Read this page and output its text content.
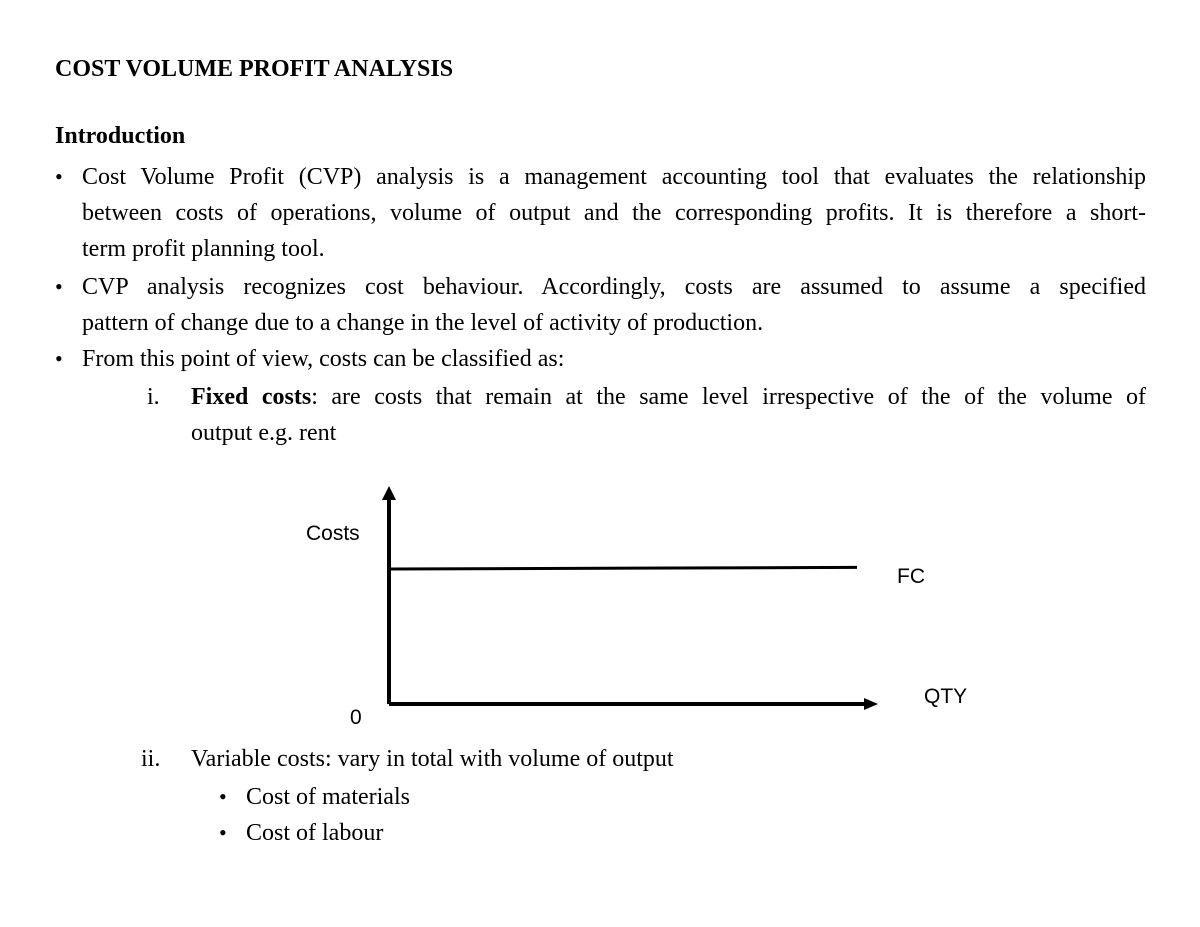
COST VOLUME PROFIT ANALYSIS
Introduction
• Cost Volume Profit (CVP) analysis is a management accounting tool that evaluates the relationship
between costs of operations, volume of output and the corresponding profits. It is therefore a short-
term profit planning tool.
• CVP analysis recognizes cost behaviour. Accordingly, costs are assumed to assume a specified
pattern of change due to a change in the level of activity of production.
• From this point of view, costs can be classified as:
i. Fixed costs: are costs that remain at the same level irrespective of the of the volume of
output e.g. rent
FC
Costs
QTY
0
ii. Variable costs: vary in total with volume of output
• Cost of materials
• Cost of labour
